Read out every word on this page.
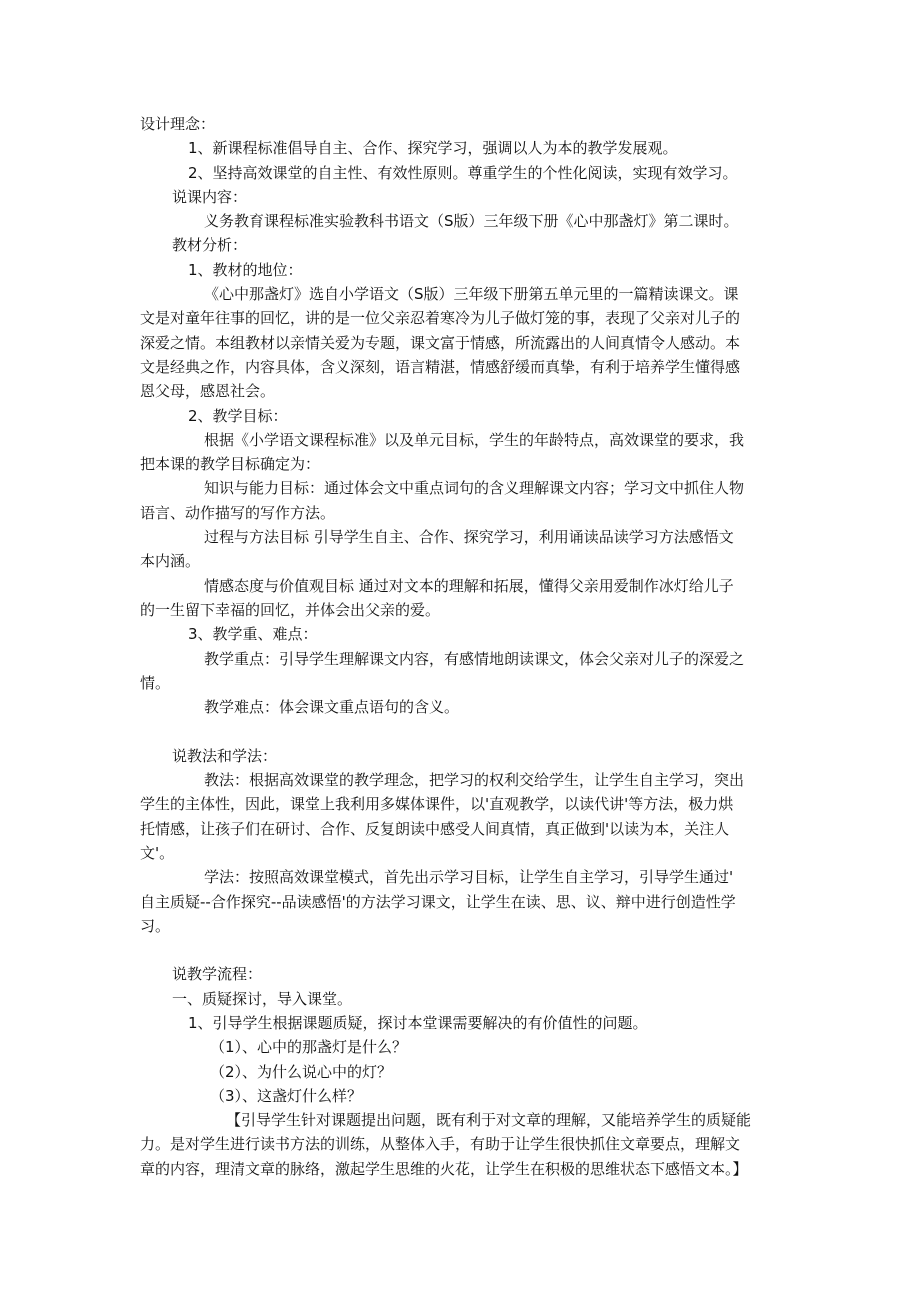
设计理念：
1、新课程标准倡导自主、合作、探究学习，强调以人为本的教学发展观。
2、坚持高效课堂的自主性、有效性原则。尊重学生的个性化阅读，实现有效学习。
说课内容：
义务教育课程标准实验教科书语文（S版）三年级下册《心中那盏灯》第二课时。
教材分析：
1、教材的地位：
《心中那盏灯》选自小学语文（S版）三年级下册第五单元里的一篇精读课文。课
文是对童年往事的回忆，讲的是一位父亲忍着寒冷为儿子做灯笼的事，表现了父亲对儿子的
深爱之情。本组教材以亲情关爱为专题，课文富于情感，所流露出的人间真情令人感动。本
文是经典之作，内容具体，含义深刻，语言精湛，情感舒缓而真挚，有利于培养学生懂得感
恩父母，感恩社会。
2、教学目标：
根据《小学语文课程标准》以及单元目标，学生的年龄特点，高效课堂的要求，我
把本课的教学目标确定为：
知识与能力目标：通过体会文中重点词句的含义理解课文内容；学习文中抓住人物
语言、动作描写的写作方法。
过程与方法目标 引导学生自主、合作、探究学习，利用诵读品读学习方法感悟文
本内涵。
情感态度与价值观目标 通过对文本的理解和拓展，懂得父亲用爱制作冰灯给儿子
的一生留下幸福的回忆，并体会出父亲的爱。
3、教学重、难点：
教学重点：引导学生理解课文内容，有感情地朗读课文，体会父亲对儿子的深爱之
情。
教学难点：体会课文重点语句的含义。
说教法和学法：
教法：根据高效课堂的教学理念，把学习的权利交给学生，让学生自主学习，突出
学生的主体性，因此，课堂上我利用多媒体课件，以'直观教学，以读代讲'等方法，极力烘
托情感，让孩子们在研讨、合作、反复朗读中感受人间真情，真正做到'以读为本，关注人
文'。
学法：按照高效课堂模式，首先出示学习目标，让学生自主学习，引导学生通过'
自主质疑--合作探究--品读感悟'的方法学习课文，让学生在读、思、议、辩中进行创造性学
习。
说教学流程：
一、质疑探讨，导入课堂。
1、引导学生根据课题质疑，探讨本堂课需要解决的有价值性的问题。
（1）、心中的那盏灯是什么？
（2）、为什么说心中的灯？
（3）、这盏灯什么样？
【引导学生针对课题提出问题，既有利于对文章的理解，又能培养学生的质疑能
力。是对学生进行读书方法的训练，从整体入手，有助于让学生很快抓住文章要点，理解文
章的内容，理清文章的脉络，激起学生思维的火花，让学生在积极的思维状态下感悟文本。】
